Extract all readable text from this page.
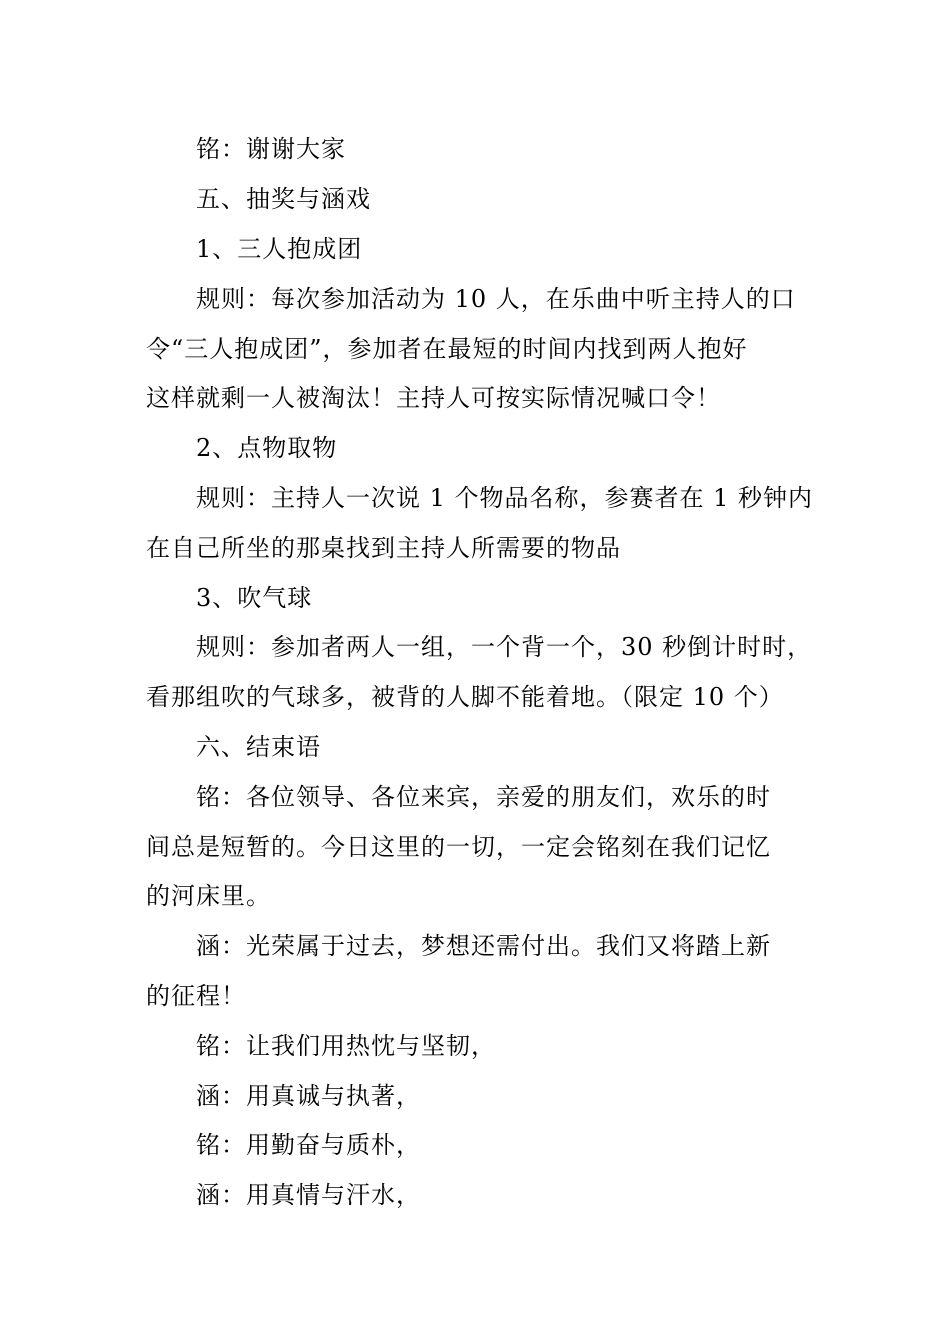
铭：谢谢大家
五、抽奖与涵戏
1、三人抱成团
规则：每次参加活动为 10 人，在乐曲中听主持人的口
令“三人抱成团”，参加者在最短的时间内找到两人抱好
这样就剩一人被淘汰！主持人可按实际情况喊口令！
2、点物取物
规则：主持人一次说 1 个物品名称，参赛者在 1 秒钟内
在自己所坐的那桌找到主持人所需要的物品
3、吹气球
规则：参加者两人一组，一个背一个，30 秒倒计时时，
看那组吹的气球多，被背的人脚不能着地。（限定 10 个）
六、结束语
铭：各位领导、各位来宾，亲爱的朋友们，欢乐的时
间总是短暂的。今日这里的一切，一定会铭刻在我们记忆
的河床里。
涵：光荣属于过去，梦想还需付出。我们又将踏上新
的征程！
铭：让我们用热忱与坚韧，
涵：用真诚与执著，
铭：用勤奋与质朴，
涵：用真情与汗水，
